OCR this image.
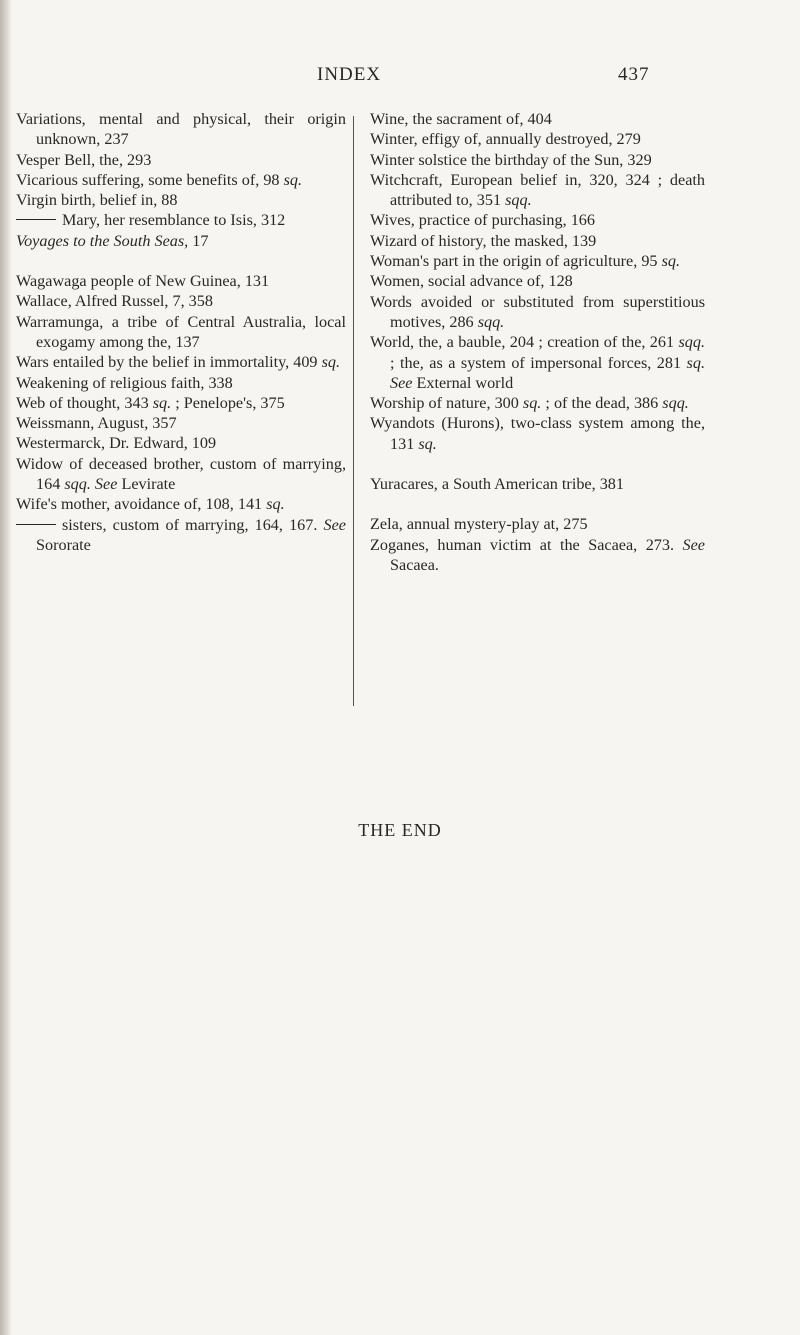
INDEX	437

Variations, mental and physical, their origin unknown, 237

Vesper Bell, the, 293

Vicarious suffering, some benefits of, 98 sq.

Virgin birth, belief in, 88

Mary, her resemblance to Isis, 312

Voyages to the South Seas, 17

Wagawaga people of New Guinea, 131

Wallace, Alfred Russel, 7, 358

Warramunga, a tribe of Central Australia, local exogamy among the, 137

Wars entailed by the belief in immortality, 409 sq.

Weakening of religious faith, 338

Web of thought, 343 sq. ; Penelope's, 375

Weissmann, August, 357

Westermarck, Dr. Edward, 109

Widow of deceased brother, custom of marrying, 164 sqq. See Levirate

Wife's mother, avoidance of, 108, 141 sq.

sisters, custom of marrying, 164, 167. See Sororate

Wine, the sacrament of, 404

Winter, effigy of, annually destroyed, 279

Winter solstice the birthday of the Sun, 329

Witchcraft, European belief in, 320, 324 ; death attributed to, 351 sqq.

Wives, practice of purchasing, 166

Wizard of history, the masked, 139

Woman's part in the origin of agriculture, 95 sq.

Women, social advance of, 128

Words avoided or substituted from superstitious motives, 286 sqq.

World, the, a bauble, 204 ; creation of the, 261 sqq. ; the, as a system of impersonal forces, 281 sq. See External world

Worship of nature, 300 sq. ; of the dead, 386 sqq.

Wyandots (Hurons), two-class system among the, 131 sq.

Yuracares, a South American tribe, 381

Zela, annual mystery-play at, 275

Zoganes, human victim at the Sacaea, 273. See Sacaea.

THE END
